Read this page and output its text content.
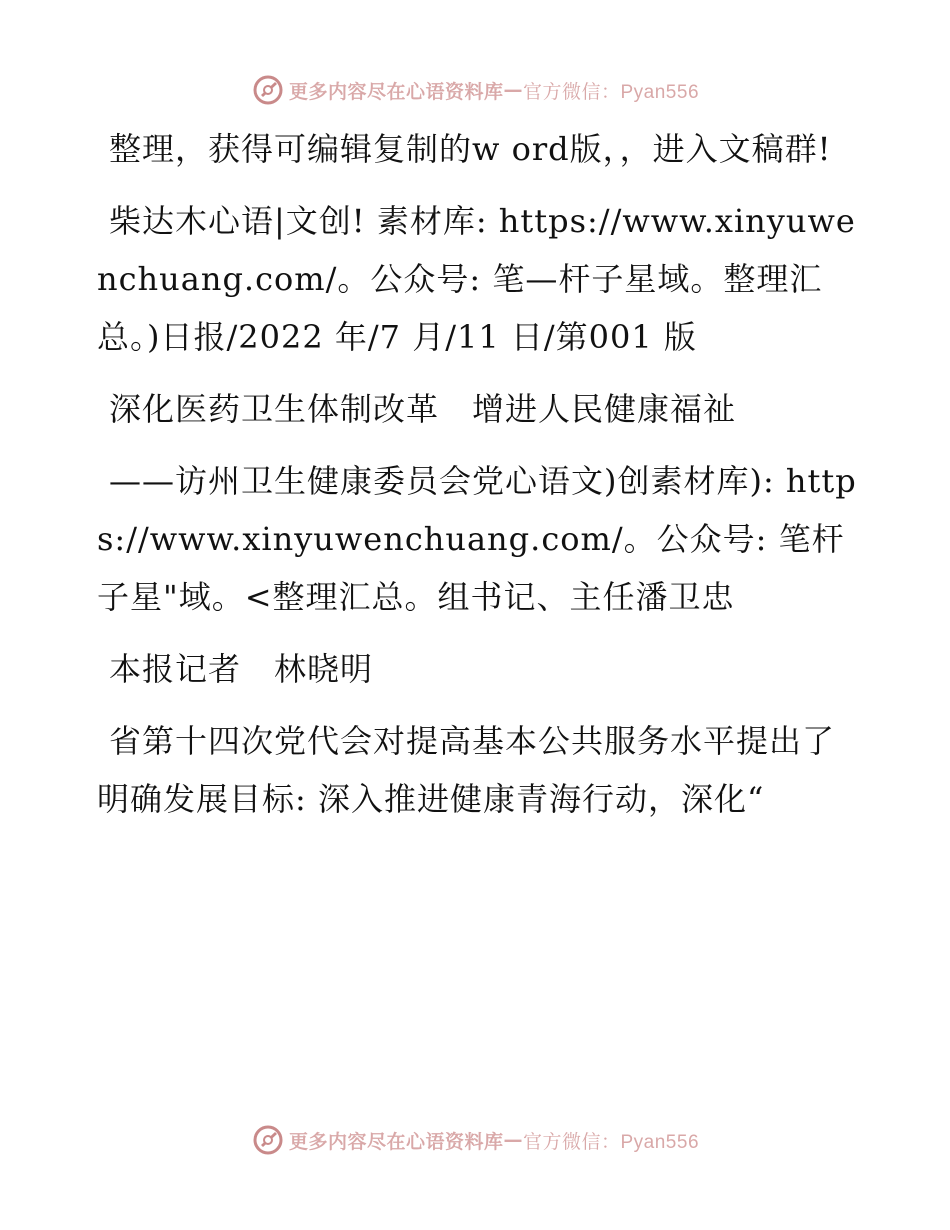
更多内容尽在心语资料库 — 官方微信：Pyan556

整理，获得可编辑复制的w ord版，，进入文稿群!

柴达木心语|文创! 素材库: https://www.xinyuwenchuang.com/。公众号: 笔—杆子星域。整理汇总。)日报/2022 年/7 月/11 日/第001 版

深化医药卫生体制改革　增进人民健康福祉

——访州卫生健康委员会党心语文)创素材库): https://www.xinyuwenchuang.com/。公众号: 笔杆子星"域。<整理汇总。组书记、主任潘卫忠

本报记者　林晓明

省第十四次党代会对提高基本公共服务水平提出了明确发展目标: 深入推进健康青海行动，深化“

更多内容尽在心语资料库 — 官方微信：Pyan556
